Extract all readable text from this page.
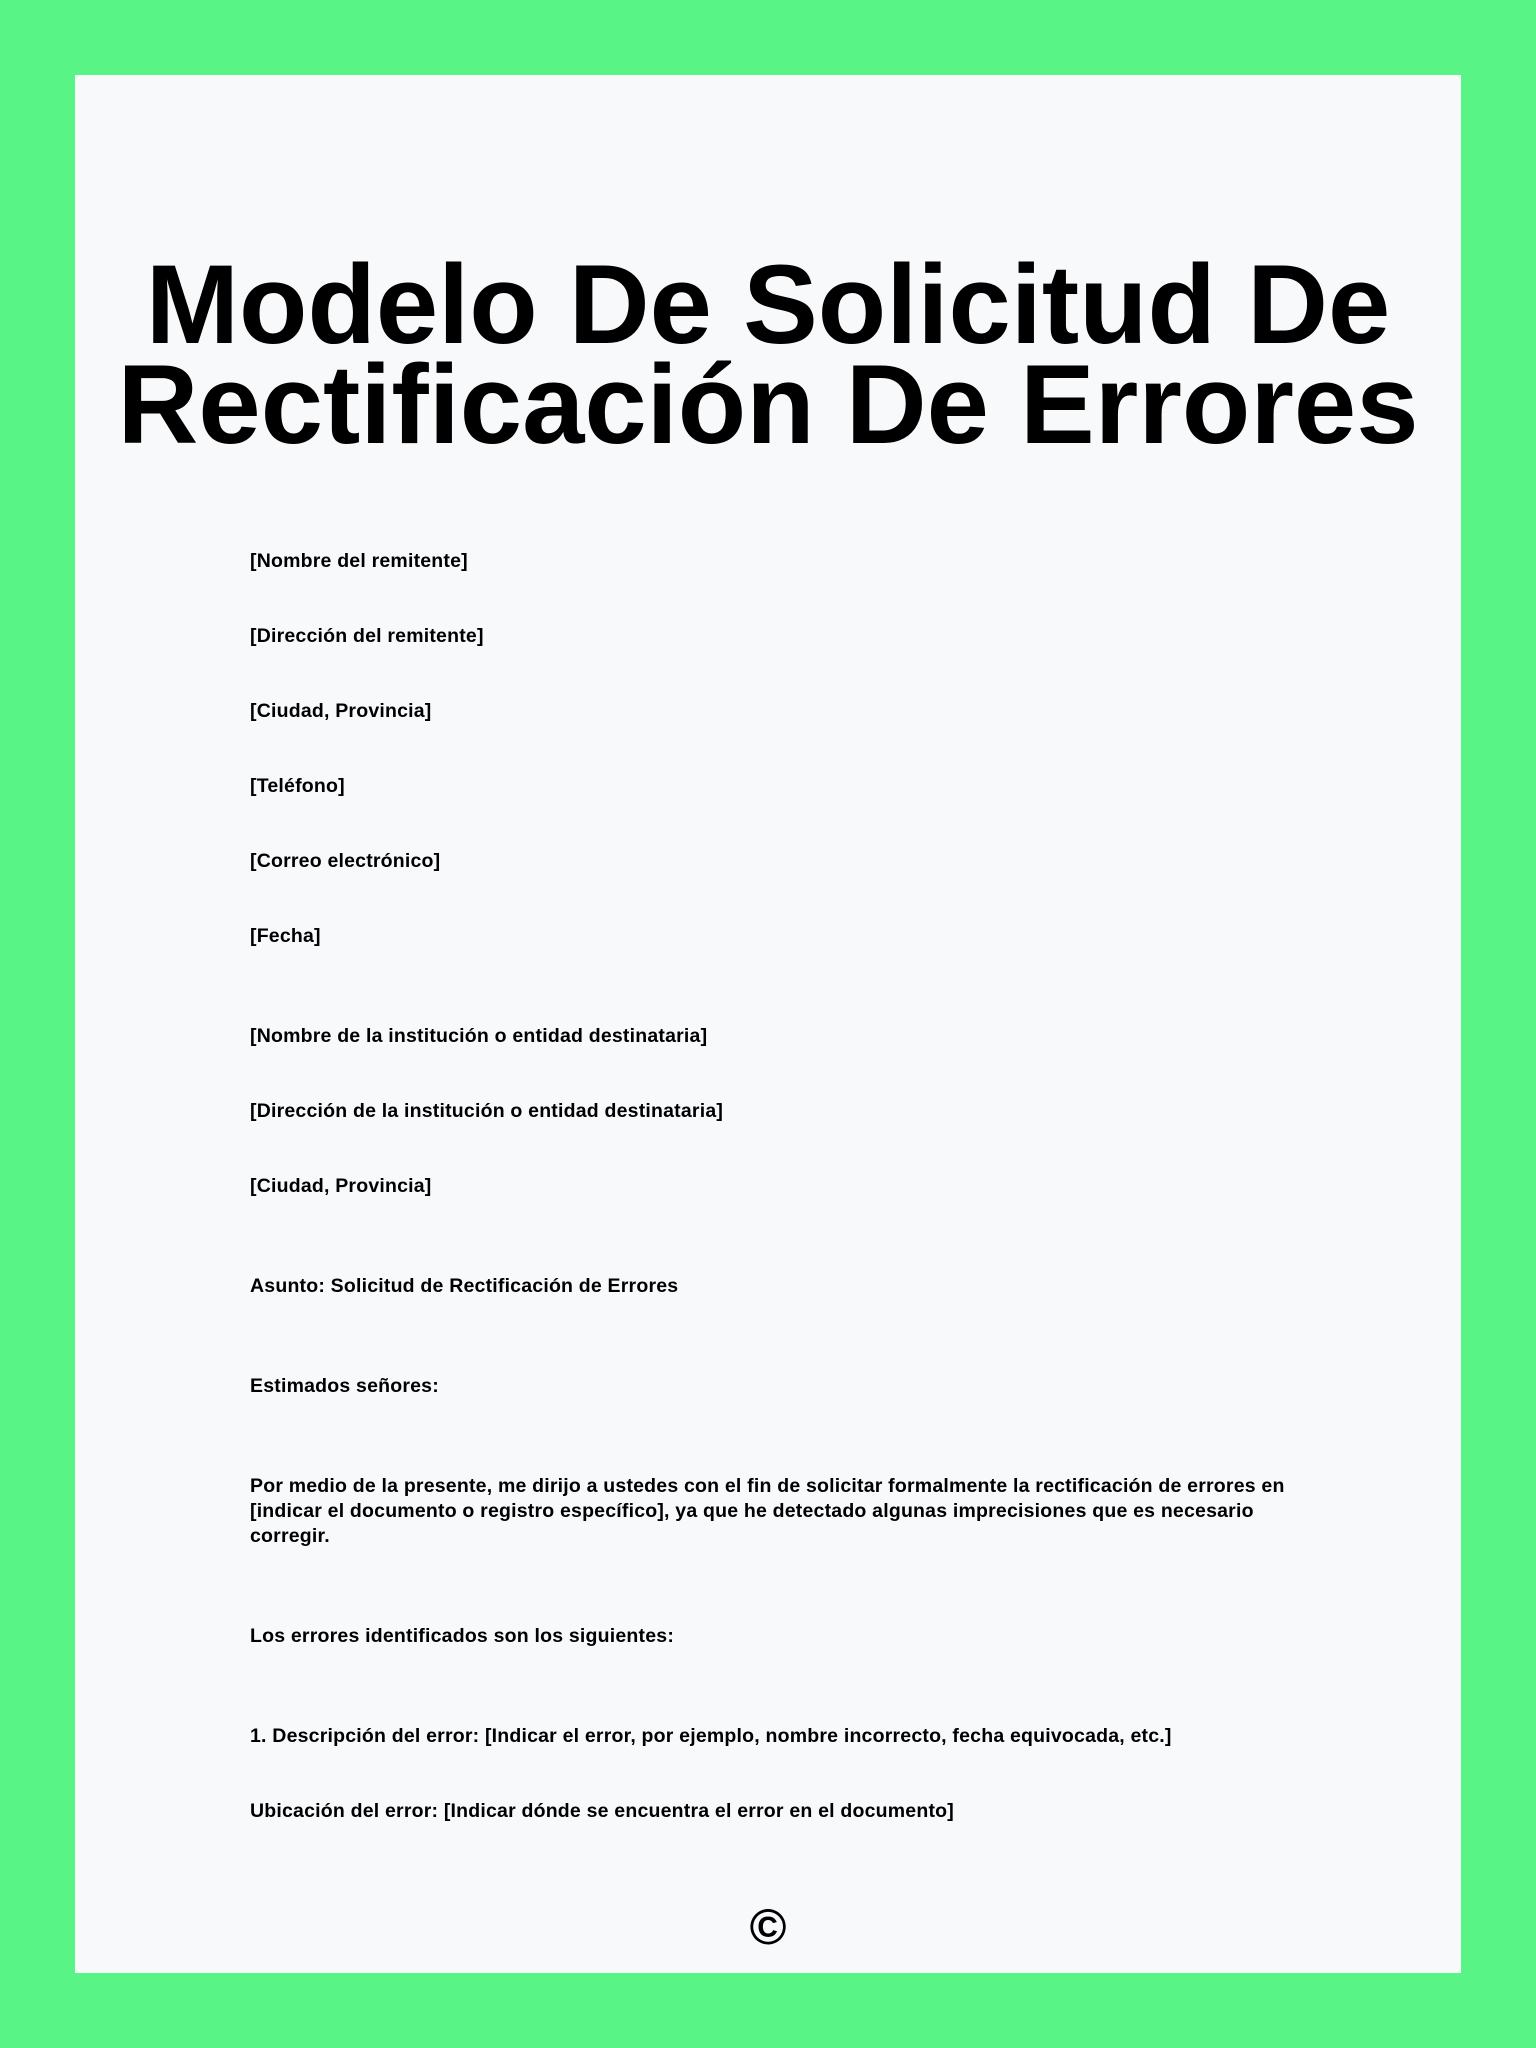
Modelo De Solicitud De Rectificación De Errores

[Nombre del remitente]

[Dirección del remitente]

[Ciudad, Provincia]

[Teléfono]

[Correo electrónico]

[Fecha]

[Nombre de la institución o entidad destinataria]

[Dirección de la institución o entidad destinataria]

[Ciudad, Provincia]

Asunto: Solicitud de Rectificación de Errores

Estimados señores:

Por medio de la presente, me dirijo a ustedes con el fin de solicitar formalmente la rectificación de errores en [indicar el documento o registro específico], ya que he detectado algunas imprecisiones que es necesario corregir.

Los errores identificados son los siguientes:

1. Descripción del error: [Indicar el error, por ejemplo, nombre incorrecto, fecha equivocada, etc.]

Ubicación del error: [Indicar dónde se encuentra el error en el documento]

©
